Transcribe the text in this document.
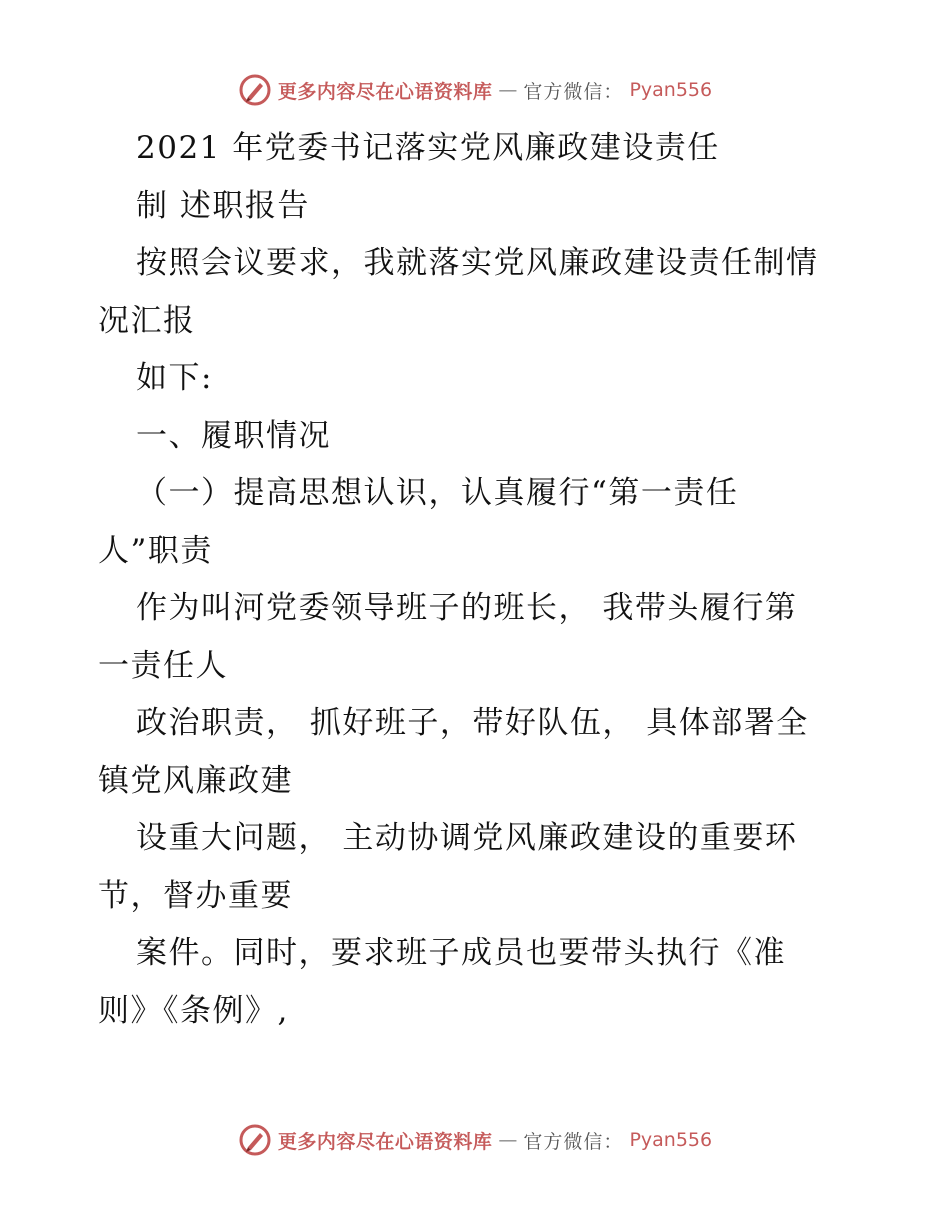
更多内容尽在心语资料库 — 官方微信： Pyan556
2021 年党委书记落实党风廉政建设责任
制 述职报告
按照会议要求，我就落实党风廉政建设责任制情
况汇报
如下:
一、履职情况
（一）提高思想认识，认真履行“第一责任
人”职责
作为叫河党委领导班子的班长， 我带头履行第
一责任人
政治职责， 抓好班子，带好队伍， 具体部署全
镇党风廉政建
设重大问题， 主动协调党风廉政建设的重要环
节，督办重要
案件。同时，要求班子成员也要带头执行《准
则》《条例》,
更多内容尽在心语资料库 — 官方微信： Pyan556
